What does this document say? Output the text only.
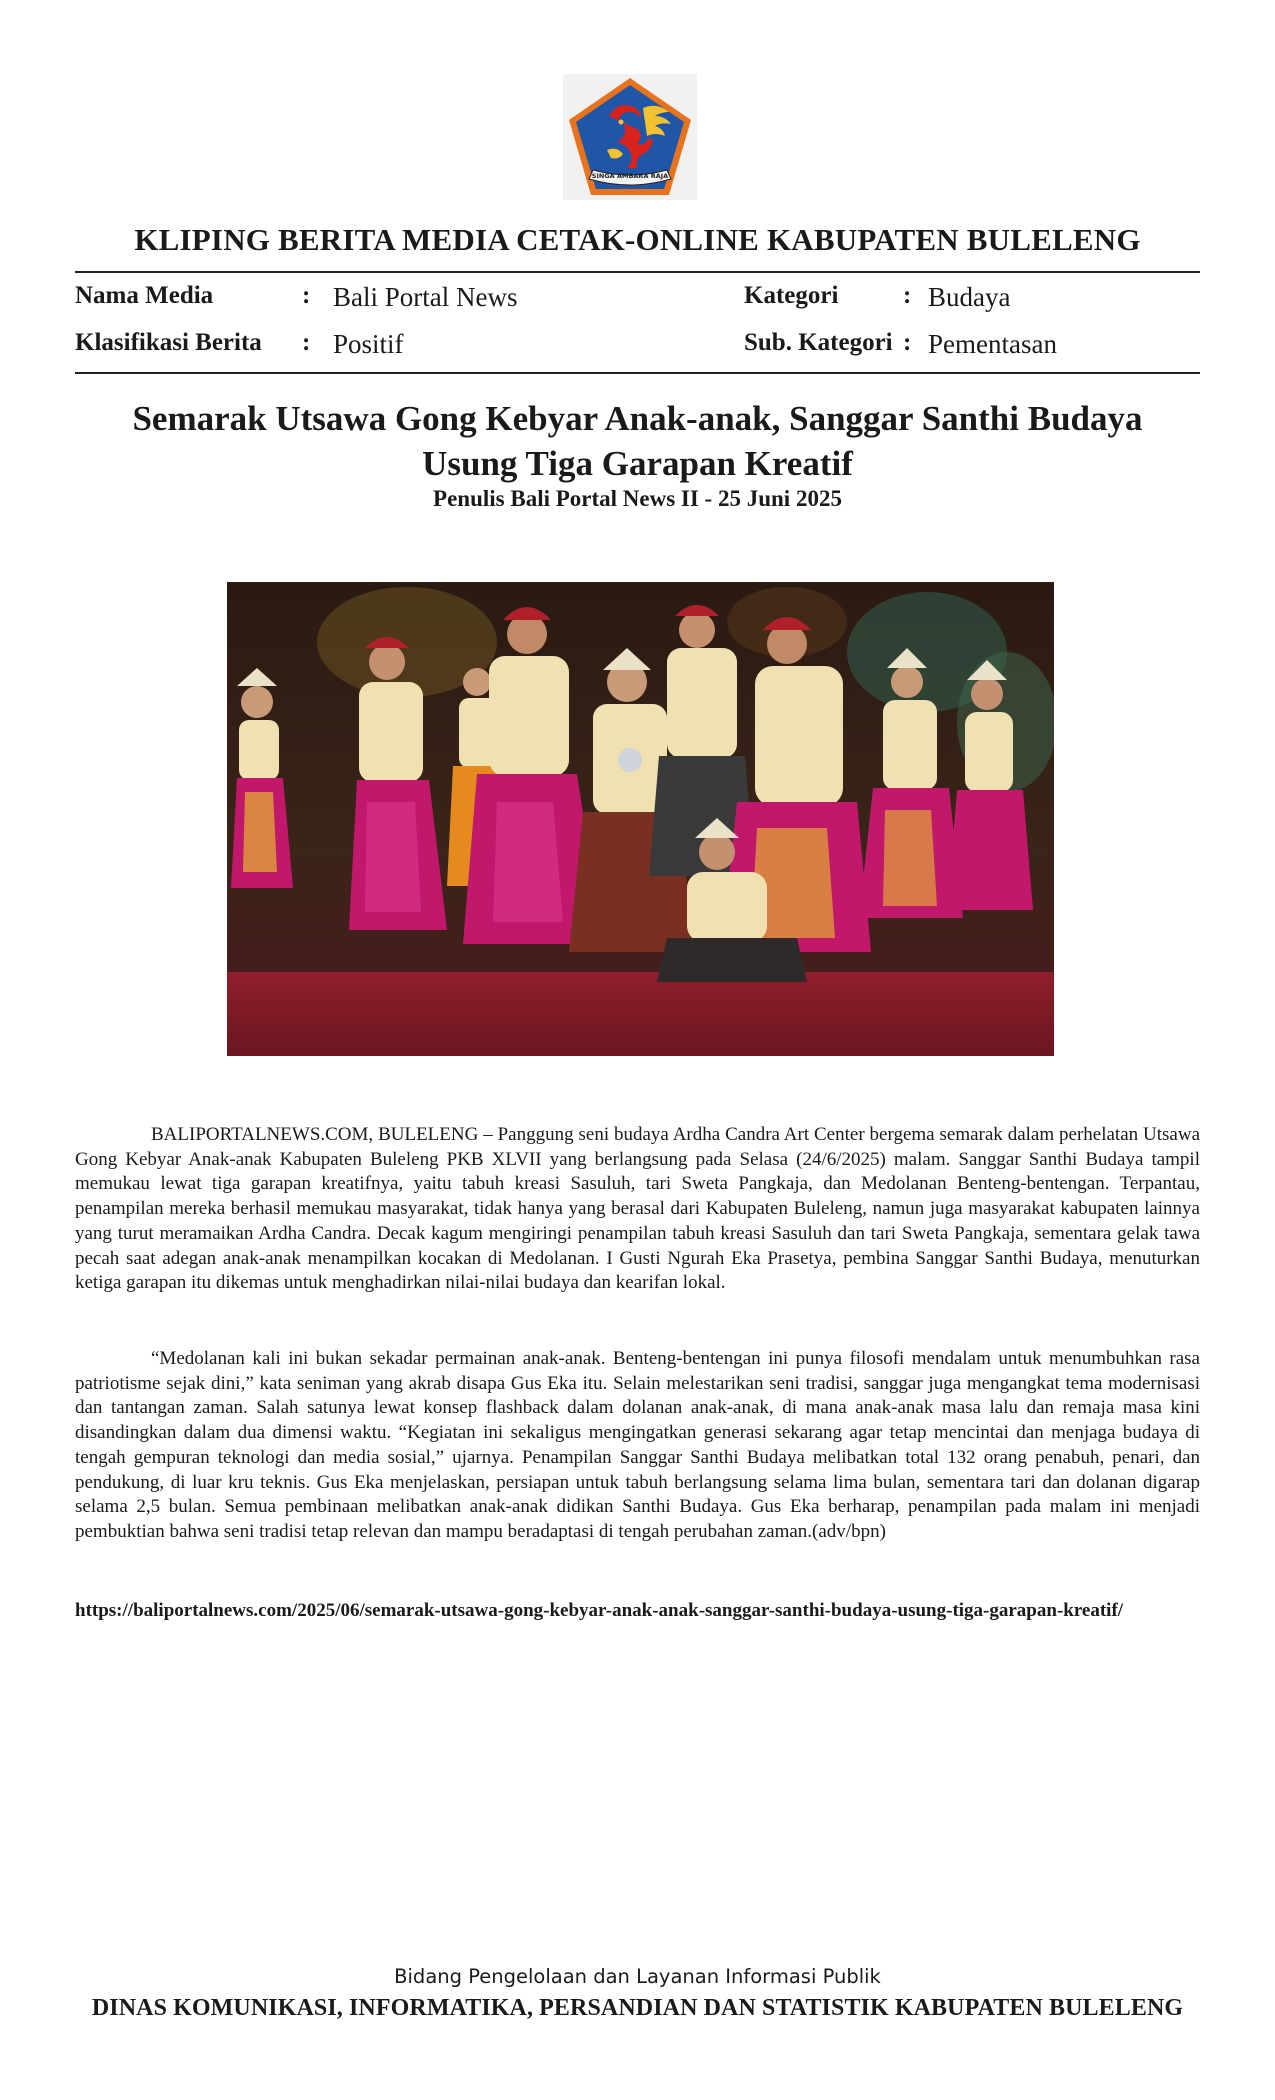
SINGA AMBARA RAJA
KLIPING BERITA MEDIA CETAK-ONLINE KABUPATEN BULELENG
Nama Media	: Bali Portal News
Klasifikasi Berita : Positif
Kategori	: Budaya
Sub. Kategori : Pementasan
Semarak Utsawa Gong Kebyar Anak-anak, Sanggar Santhi Budaya Usung Tiga Garapan Kreatif
Penulis Bali Portal News II - 25 Juni 2025

BALIPORTALNEWS.COM, BULELENG – Panggung seni budaya Ardha Candra Art Center bergema semarak dalam perhelatan Utsawa Gong Kebyar Anak-anak Kabupaten Buleleng PKB XLVII yang berlangsung pada Selasa (24/6/2025) malam. Sanggar Santhi Budaya tampil memukau lewat tiga garapan kreatifnya, yaitu tabuh kreasi Sasuluh, tari Sweta Pangkaja, dan Medolanan Benteng-bentengan. Terpantau, penampilan mereka berhasil memukau masyarakat, tidak hanya yang berasal dari Kabupaten Buleleng, namun juga masyarakat kabupaten lainnya yang turut meramaikan Ardha Candra. Decak kagum mengiringi penampilan tabuh kreasi Sasuluh dan tari Sweta Pangkaja, sementara gelak tawa pecah saat adegan anak-anak menampilkan kocakan di Medolanan. I Gusti Ngurah Eka Prasetya, pembina Sanggar Santhi Budaya, menuturkan ketiga garapan itu dikemas untuk menghadirkan nilai-nilai budaya dan kearifan lokal.

“Medolanan kali ini bukan sekadar permainan anak-anak. Benteng-bentengan ini punya filosofi mendalam untuk menumbuhkan rasa patriotisme sejak dini,” kata seniman yang akrab disapa Gus Eka itu. Selain melestarikan seni tradisi, sanggar juga mengangkat tema modernisasi dan tantangan zaman. Salah satunya lewat konsep flashback dalam dolanan anak-anak, di mana anak-anak masa lalu dan remaja masa kini disandingkan dalam dua dimensi waktu. “Kegiatan ini sekaligus mengingatkan generasi sekarang agar tetap mencintai dan menjaga budaya di tengah gempuran teknologi dan media sosial,” ujarnya. Penampilan Sanggar Santhi Budaya melibatkan total 132 orang penabuh, penari, dan pendukung, di luar kru teknis. Gus Eka menjelaskan, persiapan untuk tabuh berlangsung selama lima bulan, sementara tari dan dolanan digarap selama 2,5 bulan. Semua pembinaan melibatkan anak-anak didikan Santhi Budaya. Gus Eka berharap, penampilan pada malam ini menjadi pembuktian bahwa seni tradisi tetap relevan dan mampu beradaptasi di tengah perubahan zaman.(adv/bpn)

https://baliportalnews.com/2025/06/semarak-utsawa-gong-kebyar-anak-anak-sanggar-santhi-budaya-usung-tiga-garapan-kreatif/
Bidang Pengelolaan dan Layanan Informasi Publik
DINAS KOMUNIKASI, INFORMATIKA, PERSANDIAN DAN STATISTIK KABUPATEN BULELENG
